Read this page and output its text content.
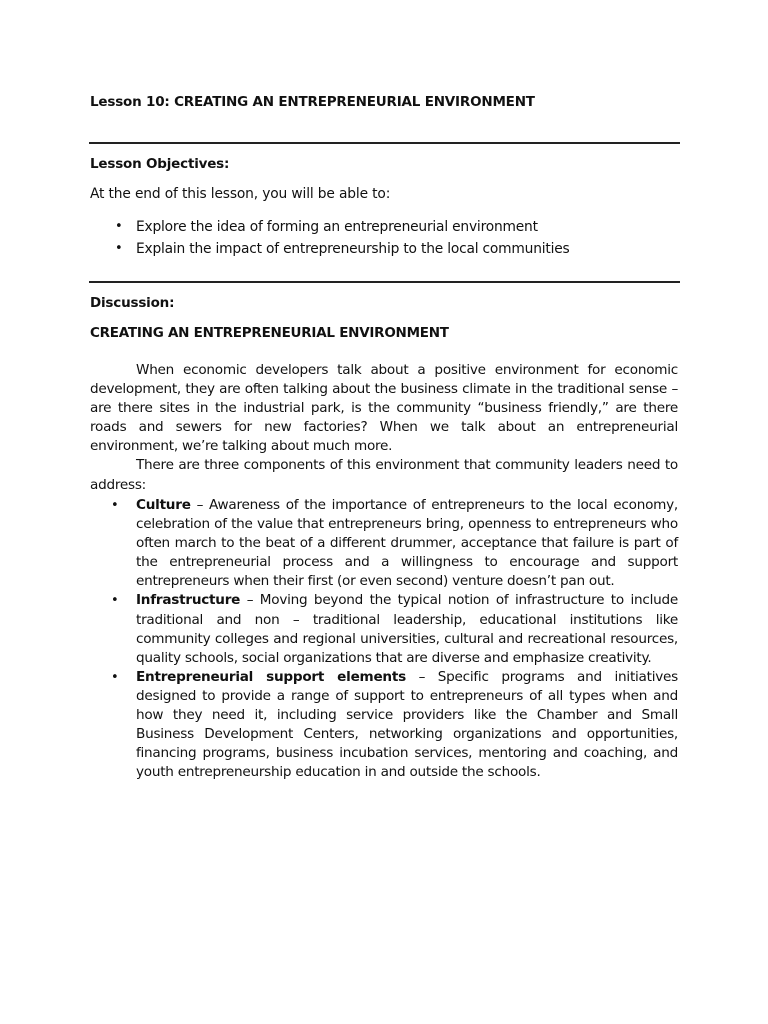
Lesson 10: CREATING AN ENTREPRENEURIAL ENVIRONMENT
Lesson Objectives:
At the end of this lesson, you will be able to:
• Explore the idea of forming an entrepreneurial environment
• Explain the impact of entrepreneurship to the local communities
Discussion:
CREATING AN ENTREPRENEURIAL ENVIRONMENT

When economic developers talk about a positive environment for economic development, they are often talking about the business climate in the traditional sense – are there sites in the industrial park, is the community “business friendly,” are there roads and sewers for new factories? When we talk about an entrepreneurial environment, we’re talking about much more.

There are three components of this environment that community leaders need to address:

• Culture – Awareness of the importance of entrepreneurs to the local economy, celebration of the value that entrepreneurs bring, openness to entrepreneurs who often march to the beat of a different drummer, acceptance that failure is part of the entrepreneurial process and a willingness to encourage and support entrepreneurs when their first (or even second) venture doesn’t pan out.
• Infrastructure – Moving beyond the typical notion of infrastructure to include traditional and non – traditional leadership, educational institutions like community colleges and regional universities, cultural and recreational resources, quality schools, social organizations that are diverse and emphasize creativity.
• Entrepreneurial support elements – Specific programs and initiatives designed to provide a range of support to entrepreneurs of all types when and how they need it, including service providers like the Chamber and Small Business Development Centers, networking organizations and opportunities, financing programs, business incubation services, mentoring and coaching, and youth entrepreneurship education in and outside the schools.
